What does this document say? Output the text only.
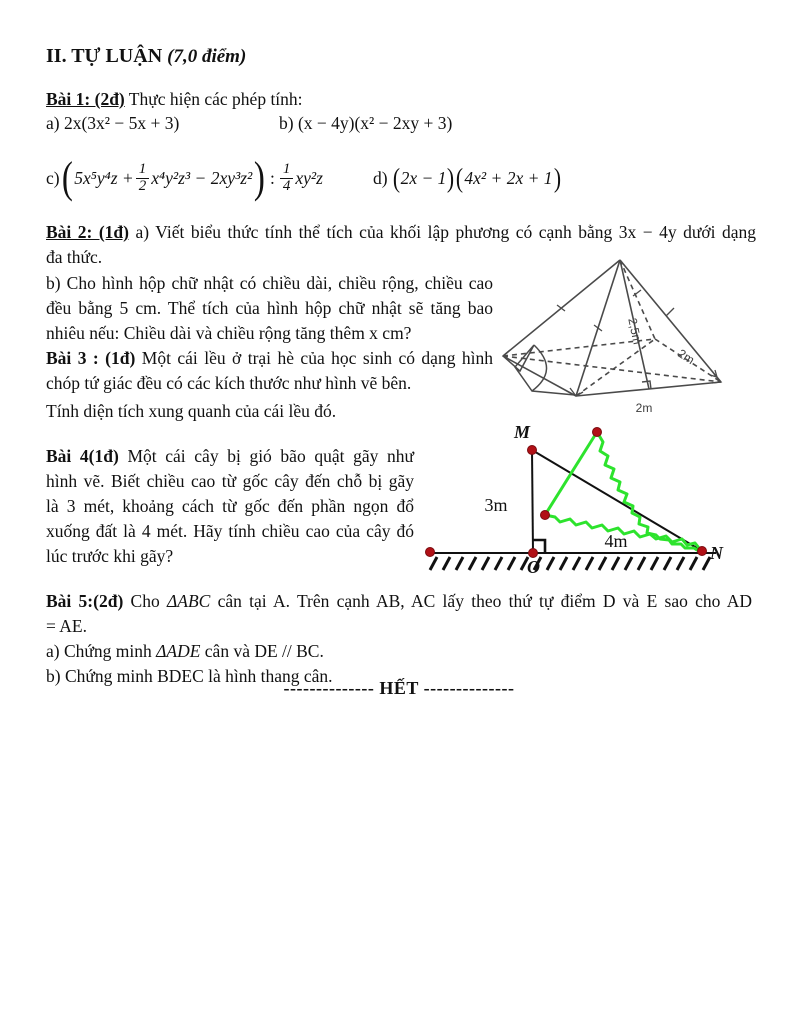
II. TỰ LUẬN (7,0 điểm)
Bài 1: (2đ) Thực hiện các phép tính:
a) 2x(3x² − 5x + 3)	b) (x − 4y)(x² − 2xy + 3)
c) ( $5x^5y^4z + \frac{1}{2} x^4y^2z^3 - 2xy^3z^2$ ) : $\frac{1}{4} xy^2z$	d) ( 2x − 1 ) ( 4x² + 2x + 1 )
Bài 2: (1đ) a) Viết biểu thức tính thể tích của khối lập phương có cạnh bằng 3x − 4y dưới dạng
đa thức.
b) Cho hình hộp chữ nhật có chiều dài, chiều rộng, chiều cao
đều bằng 5 cm. Thể tích của hình hộp chữ nhật sẽ tăng bao
nhiêu nếu: Chiều dài và chiều rộng tăng thêm x cm?
Bài 3 : (1đ) Một cái lều ở trại hè của học sinh có dạng hình
chóp tứ giác đều có các kích thước như hình vẽ bên.
Tính diện tích xung quanh của cái lều đó.
2,5m
2m
2m
Bài 4(1đ) Một cái cây bị gió bão quật gãy như
hình vẽ. Biết chiều cao từ gốc cây đến chỗ bị gãy
là 3 mét, khoảng cách từ gốc đến phần ngọn đổ
xuống đất là 4 mét. Hãy tính chiều cao của cây đó
lúc trước khi gãy?
M
O
N
3m
4m
Bài 5:(2đ) Cho ΔABC cân tại A. Trên cạnh AB, AC lấy theo thứ tự điểm D và E sao cho AD
= AE.
a) Chứng minh ΔADE cân và DE // BC.
b) Chứng minh BDEC là hình thang cân.
-------------- HẾT --------------
